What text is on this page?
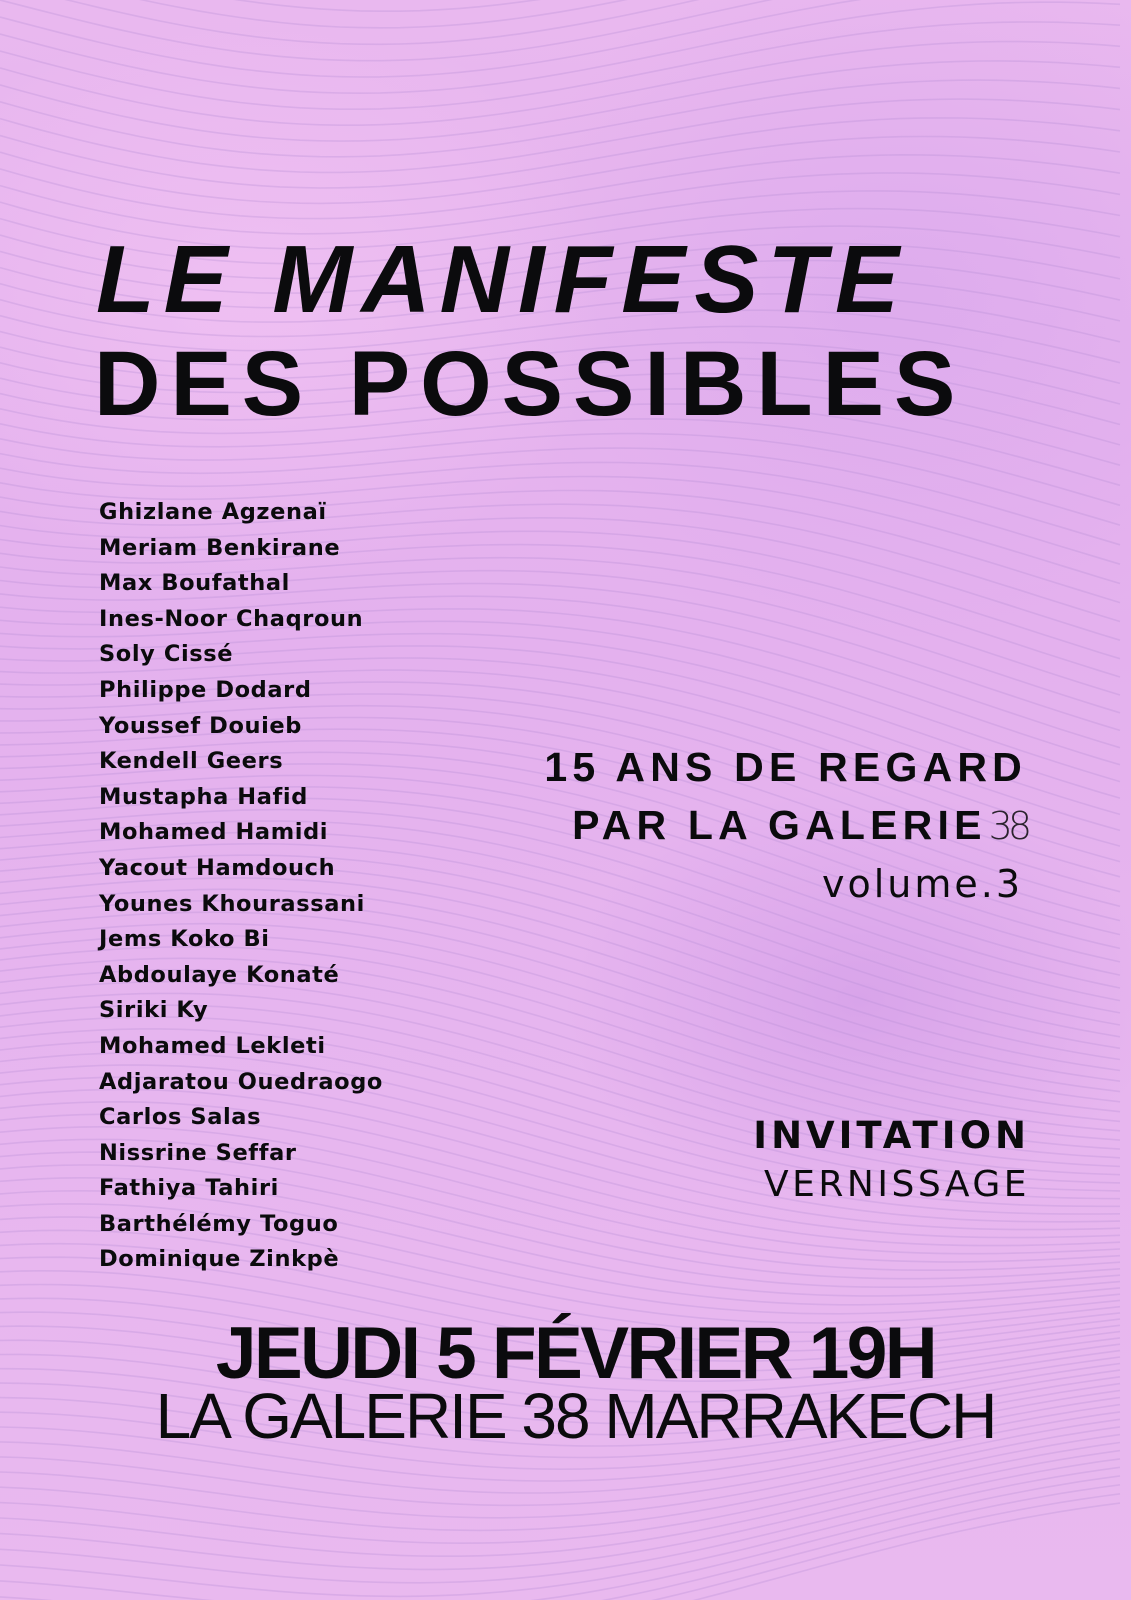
LE MANIFESTE
DES POSSIBLES
Ghizlane Agzenaï
Meriam Benkirane
Max Boufathal
Ines-Noor Chaqroun
Soly Cissé
Philippe Dodard
Youssef Douieb
Kendell Geers
Mustapha Hafid
Mohamed Hamidi
Yacout Hamdouch
Younes Khourassani
Jems Koko Bi
Abdoulaye Konaté
Siriki Ky
Mohamed Lekleti
Adjaratou Ouedraogo
Carlos Salas
Nissrine Seffar
Fathiya Tahiri
Barthélémy Toguo
Dominique Zinkpè
15 ANS DE REGARD
PAR LA GALERIE38
volume.3
INVITATION
VERNISSAGE

JEUDI 5 FÉVRIER 19H

LA GALERIE 38 MARRAKECH
